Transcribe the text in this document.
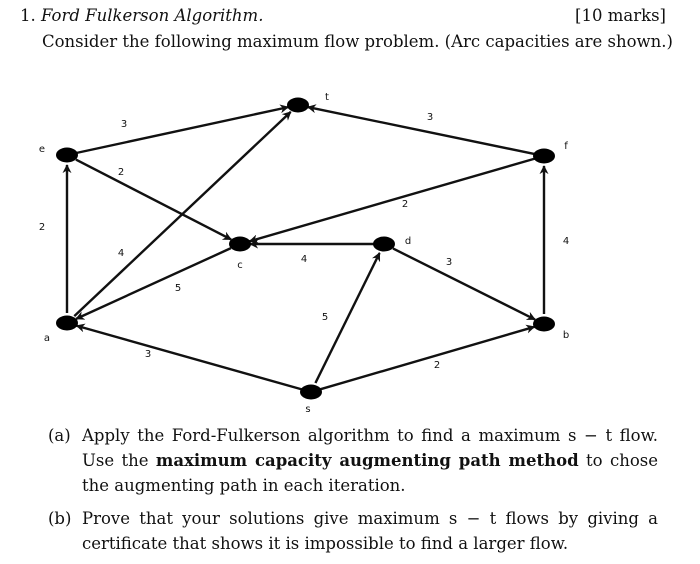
1. Ford Fulkerson Algorithm.	[10 marks]
Consider the following maximum flow problem. (Arc capacities are shown.)
3
3
2
2
4
2
4
5
3
4
5
3
2
t
e	f
c
d
a	b
s
(a) Apply the Ford-Fulkerson algorithm to find a maximum s − t flow. Use the maximum capacity augmenting path method to chose the augmenting path in each iteration.
(b) Prove that your solutions give maximum s − t flows by giving a certificate that shows it is impossible to find a larger flow.
